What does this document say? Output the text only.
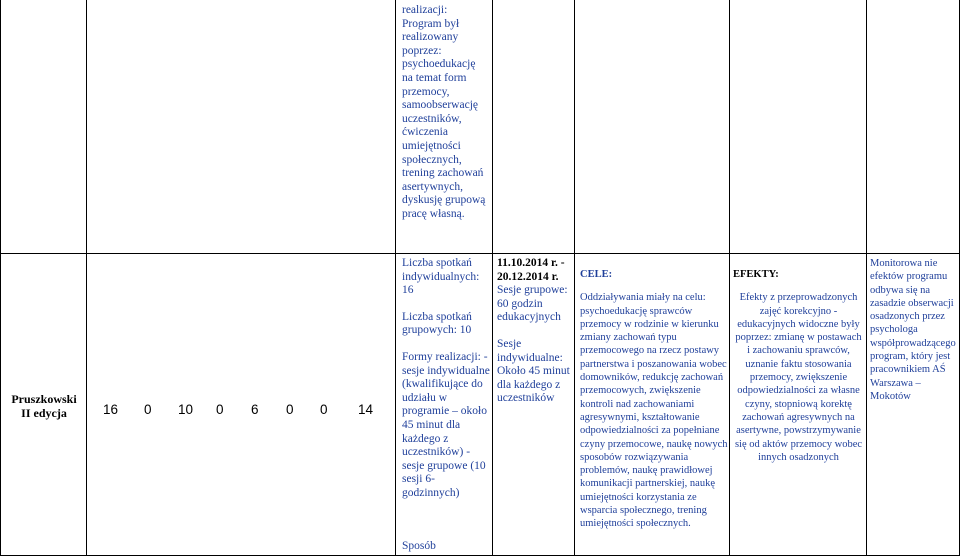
Pruszkowski
II edycja	16 0 10 0 6 0 0 14
realizacji: Program był realizowany poprzez: psychoedukację na temat form przemocy, samoobserwację uczestników, ćwiczenia umiejętności społecznych, trening zachowań asertywnych, dyskusję grupową pracę własną.

Liczba spotkań indywidualnych: 16

Liczba spotkań grupowych: 10

Formy realizacji: - sesje indywidualne (kwalifikujące do udziału w programie – około 45 minut dla każdego z uczestników) - sesje grupowe (10 sesji 6-godzinnych)

Sposób

11.10.2014 r. - 20.12.2014 r.

Sesje grupowe: 60 godzin edukacyjnych

Sesje indywidualne: Około 45 minut dla każdego z uczestników

CELE:

Oddziaływania miały na celu: psychoedukację sprawców przemocy w rodzinie w kierunku zmiany zachowań typu przemocowego na rzecz postawy partnerstwa i poszanowania wobec domowników, redukcję zachowań przemocowych, zwiększenie kontroli nad zachowaniami agresywnymi, kształtowanie odpowiedzialności za popełniane czyny przemocowe, naukę nowych sposobów rozwiązywania problemów, naukę prawidłowej komunikacji partnerskiej, naukę umiejętności korzystania ze wsparcia społecznego, trening umiejętności społecznych.

EFEKTY:

Efekty z przeprowadzonych zajęć korekcyjno - edukacyjnych widoczne były poprzez: zmianę w postawach i zachowaniu sprawców, uznanie faktu stosowania przemocy, zwiększenie odpowiedzialności za własne czyny, stopniową korektę zachowań agresywnych na asertywne, powstrzymywanie się od aktów przemocy wobec innych osadzonych

Monitorowa nie efektów programu odbywa się na zasadzie obserwacji osadzonych przez psychologa współprowadzącego program, który jest pracownikiem AŚ Warszawa – Mokotów
